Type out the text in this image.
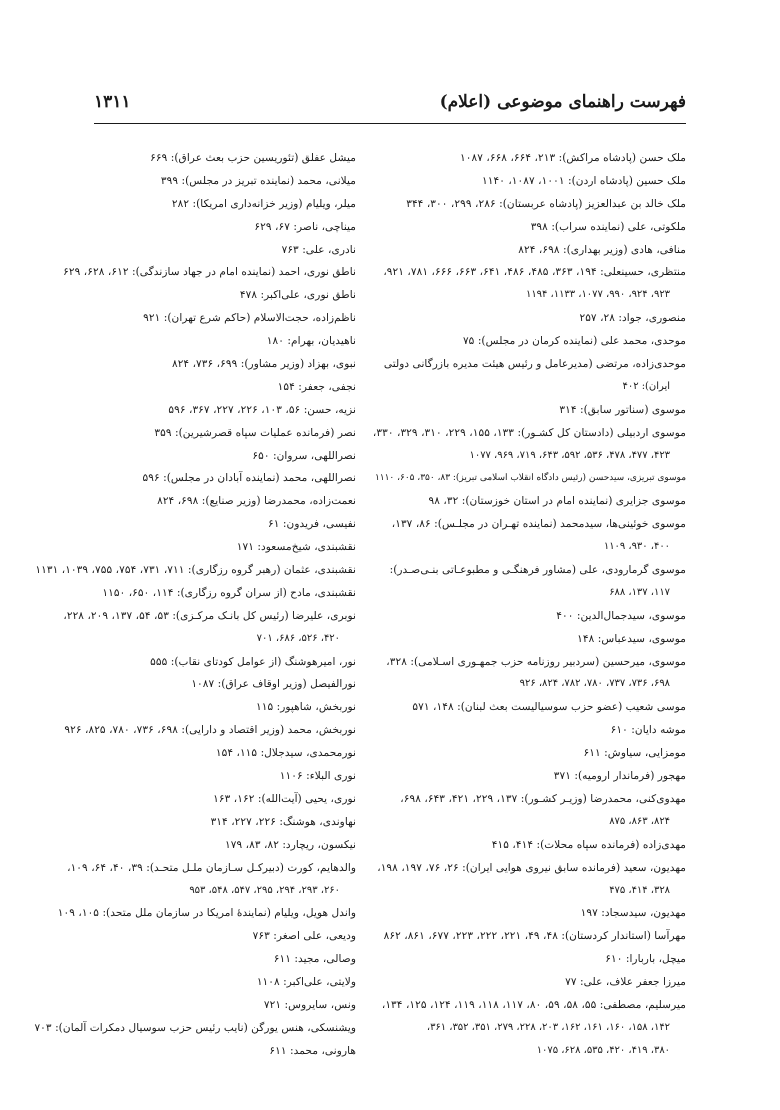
فهرست راهنمای موضوعی (اعلام)
۱۳۱۱
ملک حسن (پادشاه مراکش): ۲۱۳، ۶۶۴، ۶۶۸، ۱۰۸۷
ملک حسین (پادشاه اردن): ۱۰۰۱، ۱۰۸۷، ۱۱۴۰
ملک خالد بن عبدالعزیز (پادشاه عربستان): ۲۸۶، ۲۹۹، ۳۰۰، ۳۴۴
ملکوتی، علی (نماینده سراب): ۳۹۸
منافی، هادی (وزیر بهداری): ۶۹۸، ۸۲۴
منتظری، حسینعلی: ۱۹۴، ۳۶۳، ۴۸۵، ۴۸۶، ۶۴۱، ۶۶۳، ۶۶۶، ۷۸۱، ۹۲۱،
۹۲۳، ۹۲۴، ۹۹۰، ۱۰۷۷، ۱۱۳۳، ۱۱۹۴
منصوری، جواد: ۲۸، ۲۵۷
موحدی، محمد علی (نماینده کرمان در مجلس): ۷۵
موحدی‌زاده، مرتضی (مدیرعامل و رئیس هیئت مدیره بازرگانی دولتی
ایران): ۴۰۲
موسوی (سناتور سابق): ۳۱۴
موسوی اردبیلی (دادستان کل کشـور): ۱۳۳، ۱۵۵، ۲۲۹، ۳۱۰، ۳۲۹، ۳۳۰،
۴۲۳، ۴۷۷، ۴۷۸، ۵۳۶، ۵۹۲، ۶۴۳، ۷۱۹، ۹۶۹، ۱۰۷۷
موسوی تبریزی، سیدحسن (رئیس دادگاه انقلاب اسلامی تبریز): ۸۳، ۳۵۰، ۶۰۵، ۱۱۱۰
موسوی جزایری (نماینده امام در استان خوزستان): ۳۲، ۹۸
موسوی خوئینی‌ها، سیدمحمد (نماینده تهـران در مجلـس): ۸۶، ۱۳۷،
۴۰۰، ۹۳۰، ۱۱۰۹
موسوی گرمارودی، علی (مشاور فرهنگـی و مطبوعـاتی بنـی‌صـدر):
۱۱۷، ۱۳۷، ۶۸۸
موسوی، سیدجمال‌الدین: ۴۰۰
موسوی، سیدعباس: ۱۴۸
موسوی، میرحسین (سردبیر روزنامه حزب جمهـوری اسـلامی): ۳۲۸،
۶۹۸، ۷۳۶، ۷۳۷، ۷۸۰، ۷۸۲، ۸۲۴، ۹۲۶
موسی شعیب (عضو حزب سوسیالیست بعث لبنان): ۱۴۸، ۵۷۱
موشه دایان: ۶۱۰
مومزایی، سیاوش: ۶۱۱
مهجور (فرماندار ارومیه): ۳۷۱
مهدوی‌کنی، محمدرضا (وزیـر کشـور): ۱۳۷، ۲۲۹، ۴۲۱، ۶۴۳، ۶۹۸،
۸۲۴، ۸۶۳، ۸۷۵
مهدی‌زاده (فرمانده سپاه محلات): ۴۱۴، ۴۱۵
مهدیون، سعید (فرمانده سابق نیروی هوایی ایران): ۲۶، ۷۶، ۱۹۷، ۱۹۸،
۳۲۸، ۴۱۴، ۴۷۵
مهدیون، سیدسجاد: ۱۹۷
مهرآسا (استاندار کردستان): ۴۸، ۴۹، ۲۲۱، ۲۲۲، ۲۲۳، ۶۷۷، ۸۶۱، ۸۶۲
میچل، باربارا: ۶۱۰
میرزا جعفر علاف، علی: ۷۷
میرسلیم، مصطفی: ۵۵، ۵۸، ۵۹، ۸۰، ۱۱۷، ۱۱۸، ۱۱۹، ۱۲۴، ۱۲۵، ۱۳۴،
۱۴۲، ۱۵۸، ۱۶۰، ۱۶۱، ۱۶۲، ۲۰۳، ۲۲۸، ۲۷۹، ۳۵۱، ۳۵۲، ۳۶۱،
۳۸۰، ۴۱۹، ۴۲۰، ۵۳۵، ۶۲۸، ۱۰۷۵
میشل عفلق (تئوریسین حزب بعث عراق): ۶۶۹
میلانی، محمد (نماینده تبریز در مجلس): ۳۹۹
میلر، ویلیام (وزیر خزانه‌داری امریکا): ۲۸۲
میناچی، ناصر: ۶۷، ۶۲۹
نادری، علی: ۷۶۳
ناطق نوری، احمد (نماینده امام در جهاد سازندگی): ۶۱۲، ۶۲۸، ۶۲۹
ناطق نوری، علی‌اکبر: ۴۷۸
ناظم‌زاده، حجت‌الاسلام (حاکم شرع تهران): ۹۲۱
ناهیدیان، بهرام: ۱۸۰
نبوی، بهزاد (وزیر مشاور): ۶۹۹، ۷۳۶، ۸۲۴
نجفی، جعفر: ۱۵۴
نزیه، حسن: ۵۶، ۱۰۳، ۲۲۶، ۲۲۷، ۳۶۷، ۵۹۶
نصر (فرمانده عملیات سپاه قصرشیرین): ۳۵۹
نصراللهی، سروان: ۶۵۰
نصراللهی، محمد (نماینده آبادان در مجلس): ۵۹۶
نعمت‌زاده، محمدرضا (وزیر صنایع): ۶۹۸، ۸۲۴
نفیسی، فریدون: ۶۱
نقشبندی، شیخ‌مسعود: ۱۷۱
نقشبندی، عثمان (رهبر گروه رزگاری): ۷۱۱، ۷۳۱، ۷۵۴، ۷۵۵، ۱۰۳۹، ۱۱۳۱
نقشبندی، مادح (از سران گروه رزگاری): ۱۱۴، ۶۵۰، ۱۱۵۰
نوبری، علیرضا (رئیس کل بانـک مرکـزی): ۵۳، ۵۴، ۱۳۷، ۲۰۹، ۲۲۸،
۴۲۰، ۵۲۶، ۶۸۶، ۷۰۱
نور، امیرهوشنگ (از عوامل کودتای نقاب): ۵۵۵
نورالفیصل (وزیر اوقاف عراق): ۱۰۸۷
نوربخش، شاهپور: ۱۱۵
نوربخش، محمد (وزیر اقتصاد و دارایی): ۶۹۸، ۷۳۶، ۷۸۰، ۸۲۵، ۹۲۶
نورمحمدی، سیدجلال: ۱۱۵، ۱۵۴
نوری البلاء: ۱۱۰۶
نوری، یحیی (آیت‌الله): ۱۶۲، ۱۶۳
نهاوندی، هوشنگ: ۲۲۶، ۲۲۷، ۳۱۴
نیکسون، ریچارد: ۸۲، ۸۳، ۱۷۹
والدهایم، کورت (دبیرکـل سـازمان ملـل متحـد): ۳۹، ۴۰، ۶۴، ۱۰۹،
۲۶۰، ۲۹۳، ۲۹۴، ۲۹۵، ۵۴۷، ۵۴۸، ۹۵۳
واندل هویل، ویلیام (نمایندۀ امریکا در سازمان ملل متحد): ۱۰۵، ۱۰۹
ودیعی، علی اصغر: ۷۶۳
وصالی، مجید: ۶۱۱
ولایتی، علی‌اکبر: ۱۱۰۸
ونس، سایروس: ۷۲۱
ویشنسکی، هنس یورگن (نایب رئیس حزب سوسیال دمکرات آلمان): ۷۰۳
هارونی، محمد: ۶۱۱
